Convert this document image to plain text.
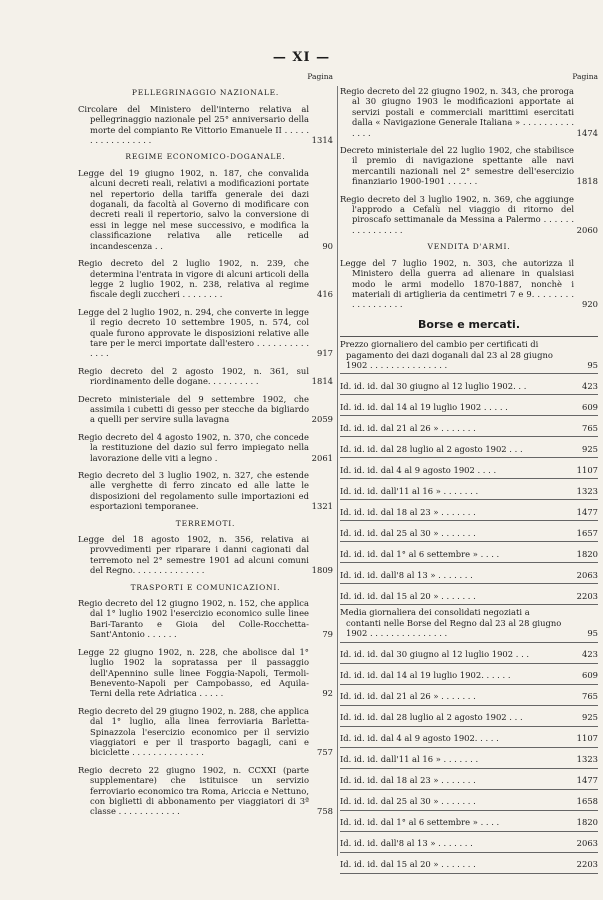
— XI —
Pagina
PELLEGRINAGGIO NAZIONALE.
Circolare del Ministero dell'interno relativa al pellegrinaggio nazionale pel 25° anniversario della morte del compianto Re Vittorio Emanuele II . . . . . . . . . . . . . . . . .	1314
REGIME ECONOMICO-DOGANALE.
Legge del 19 giugno 1902, n. 187, che convalida alcuni decreti reali, relativi a modificazioni portate nel repertorio della tariffa generale dei dazi doganali, da facoltà al Governo di modificare con decreti reali il repertorio, salvo la conversione di essi in legge nel mese successivo, e modifica la classificazione relativa alle reticelle ad incandescenza . .	90
Regio decreto del 2 luglio 1902, n. 239, che determina l'entrata in vigore di alcuni articoli della legge 2 luglio 1902, n. 238, relativa al regime fiscale degli zuccheri . . . . . . . .	416
Legge del 2 luglio 1902, n. 294, che converte in legge il regio decreto 10 settembre 1905, n. 574, col quale furono approvate le disposizioni relative alle tare per le merci importate dall'estero . . . . . . . . . . . . . .	917
Regio decreto del 2 agosto 1902, n. 361, sul riordinamento delle dogane. . . . . . . . . .	1814
Decreto ministeriale del 9 settembre 1902, che assimila i cubetti di gesso per stecche da bigliardo a quelli per servire sulla lavagna	2059
Regio decreto del 4 agosto 1902, n. 370, che concede la restituzione del dazio sul ferro impiegato nella lavorazione delle viti a legno .	2061
Regio decreto del 3 luglio 1902, n. 327, che estende alle verghette di ferro zincato ed alle latte le disposizioni del regolamento sulle importazioni ed esportazioni temporanee.	1321
TERREMOTI.
Legge del 18 agosto 1902, n. 356, relativa ai provvedimenti per riparare i danni cagionati dal terremoto nel 2° semestre 1901 ad alcuni comuni del Regno. . . . . . . . . . . . . .	1809
TRASPORTI E COMUNICAZIONI.
Regio decreto del 12 giugno 1902, n. 152, che applica dal 1° luglio 1902 l'esercizio economico sulle linee Bari-Taranto e Gioia del Colle-Rocchetta-Sant'Antonio . . . . . .	79
Legge 22 giugno 1902, n. 228, che abolisce dal 1° luglio 1902 la sopratassa per il passaggio dell'Apennino sulle linee Foggia-Napoli, Termoli-Benevento-Napoli per Campobasso, ed Aquila-Terni della rete Adriatica . . . . .	92
Regio decreto del 29 giugno 1902, n. 288, che applica dal 1° luglio, alla linea ferroviaria Barletta-Spinazzola l'esercizio economico per il servizio viaggiatori e per il trasporto bagagli, cani e biciclette . . . . . . . . . . . . . .	757
Regio decreto 22 giugno 1902, n. CCXXI (parte supplementare) che istituisce un servizio ferroviario economico tra Roma, Ariccia e Nettuno, con biglietti di abbonamento per viaggiatori di 3ª classe . . . . . . . . . . . .	758
Pagina
Regio decreto del 22 giugno 1902, n. 343, che proroga al 30 giugno 1903 le modificazioni apportate ai servizi postali e commerciali marittimi esercitati dalla « Navigazione Generale Italiana » . . . . . . . . . . . . . .	1474
Decreto ministeriale del 22 luglio 1902, che stabilisce il premio di navigazione spettante alle navi mercantili nazionali nel 2° semestre dell'esercizio finanziario 1900-1901 . . . . . .	1818
Regio decreto del 3 luglio 1902, n. 369, che aggiunge l'approdo a Cefalù nel viaggio di ritorno del piroscafo settimanale da Messina a Palermo . . . . . . . . . . . . . . . .	2060
VENDITA D'ARMI.
Legge del 7 luglio 1902, n. 303, che autorizza il Ministero della guerra ad alienare in qualsiasi modo le armi modello 1870-1887, nonchè i materiali di artiglieria da centimetri 7 e 9. . . . . . . . . . . . . . . . . .	920
Borse e mercati.
Prezzo giornaliero del cambio per certificati di pagamento dei dazi doganali dal 23 al 28 giugno 1902 . . . . . . . . . . . . . . .	95
Id. id. id. dal 30 giugno al 12 luglio 1902. . .	423
Id. id. id. dal 14 al 19 luglio 1902 . . . . .	609
Id. id. id. dal 21 al 26 » . . . . . . .	765
Id. id. id. dal 28 luglio al 2 agosto 1902 . . .	925
Id. id. id. dal 4 al 9 agosto 1902 . . . .	1107
Id. id. id. dall'11 al 16 » . . . . . . .	1323
Id. id. id. dal 18 al 23 » . . . . . . .	1477
Id. id. id. dal 25 al 30 » . . . . . . .	1657
Id. id. id. dal 1° al 6 settembre » . . . .	1820
Id. id. id. dall'8 al 13 » . . . . . . .	2063
Id. id. id. dal 15 al 20 » . . . . . . .	2203
Media giornaliera dei consolidati negoziati a contanti nelle Borse del Regno dal 23 al 28 giugno 1902 . . . . . . . . . . . . . . .	95
Id. id. id. dal 30 giugno al 12 luglio 1902 . . .	423
Id. id. id. dal 14 al 19 luglio 1902. . . . . .	609
Id. id. id. dal 21 al 26 » . . . . . . .	765
Id. id. id. dal 28 luglio al 2 agosto 1902 . . .	925
Id. id. id. dal 4 al 9 agosto 1902. . . . .	1107
Id. id. id. dall'11 al 16 » . . . . . . .	1323
Id. id. id. dal 18 al 23 » . . . . . . .	1477
Id. id. id. dal 25 al 30 » . . . . . . .	1658
Id. id. id. dal 1° al 6 settembre » . . . .	1820
Id. id. id. dall'8 al 13 » . . . . . . .	2063
Id. id. id. dal 15 al 20 » . . . . . . .	2203
